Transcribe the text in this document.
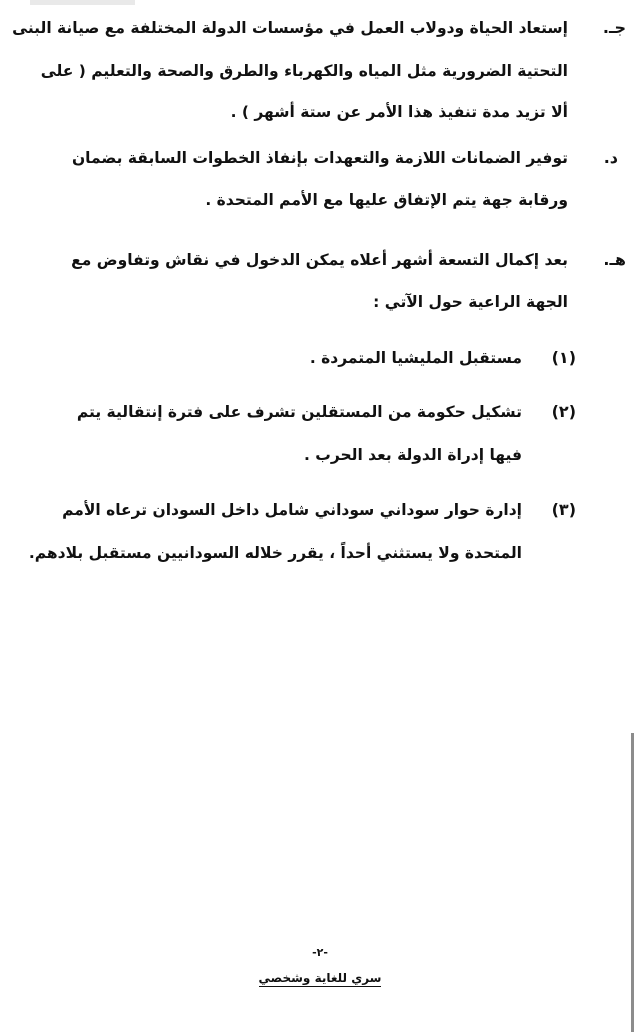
جـ.
إستعاد الحياة ودولاب العمل في مؤسسات الدولة المختلفة مع صيانة البنى
التحتية الضرورية مثل المياه والكهرباء والطرق والصحة والتعليم ( على
ألا تزيد مدة تنفيذ هذا الأمر عن ستة أشهر ) .
د.
توفير الضمانات اللازمة والتعهدات بإنفاذ الخطوات السابقة بضمان
ورقابة جهة يتم الإتفاق عليها مع الأمم المتحدة .
هـ.
بعد إكمال التسعة أشهر أعلاه يمكن الدخول في نقاش وتفاوض مع
الجهة الراعية حول الآتي :
(١)
مستقبل المليشيا المتمردة .
(٢)
تشكيل حكومة من المستقلين تشرف على فترة إنتقالية يتم
فيها إدراة الدولة بعد الحرب .
(٣)
إدارة حوار سوداني سوداني شامل داخل السودان ترعاه الأمم
المتحدة ولا يستثني أحداً ، يقرر خلاله السودانيين مستقبل بلادهم.
-٢-
سري للغاية وشخصي
